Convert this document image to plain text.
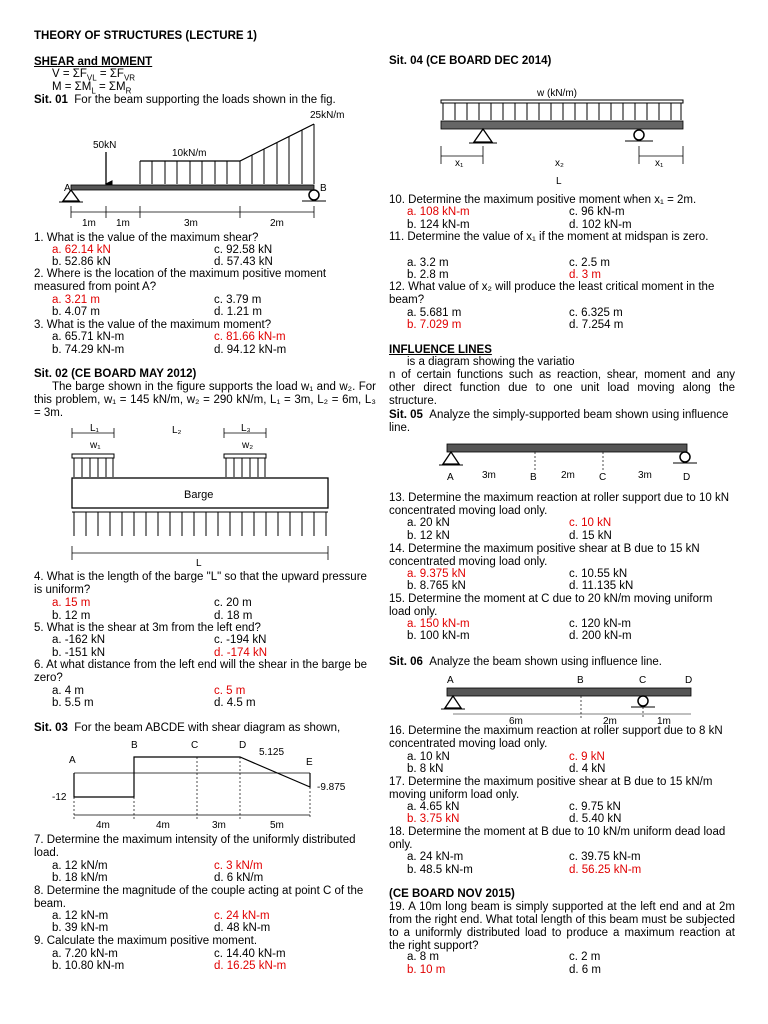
THEORY OF STRUCTURES (LECTURE 1)
SHEAR and MOMENT
$V = \Sigma F_{VL} = \Sigma F_{VR}$
$M = \Sigma M_L = \Sigma M_R$
Sit. 01 For the beam supporting the loads shown in the fig.
25kN/m
50kN
10kN/m
A	B
1m 1m	3m	2m
1. What is the value of the maximum shear?
a. 62.14 kN	c. 92.58 kN
b. 52.86 kN	d. 57.43 kN
2. Where is the location of the maximum positive moment measured from point A?
a. 3.21 m	c. 3.79 m
b. 4.07 m	d. 1.21 m
3. What is the value of the maximum moment?
a. 65.71 kN-m	c. 81.66 kN-m
b. 74.29 kN-m	d. 94.12 kN-m
Sit. 02 (CE BOARD MAY 2012)
The barge shown in the figure supports the load w₁ and w₂. For this problem, w₁ = 145 kN/m, w₂ = 290 kN/m, L₁ = 3m, L₂ = 6m, L₃ = 3m.
L₁	L₂	L₃
w₁	w₂
Barge
L
4. What is the length of the barge "L" so that the upward pressure is uniform?
a. 15 m	c. 20 m
b. 12 m	d. 18 m
5. What is the shear at 3m from the left end?
a. -162 kN	c. -194 kN
b. -151 kN	d. -174 kN
6. At what distance from the left end will the shear in the barge be zero?
a. 4 m	c. 5 m
b. 5.5 m	d. 4.5 m
Sit. 03 For the beam ABCDE with shear diagram as shown,
B	C	D
5.125
A	E
-12
-9.875
4m	4m	3m	5m
7. Determine the maximum intensity of the uniformly distributed load.
a. 12 kN/m	c. 3 kN/m
b. 18 kN/m	d. 6 kN/m
8. Determine the magnitude of the couple acting at point C of the beam.
a. 12 kN-m	c. 24 kN-m
b. 39 kN-m	d. 48 kN-m
9. Calculate the maximum positive moment.
a. 7.20 kN-m	c. 14.40 kN-m
b. 10.80 kN-m	d. 16.25 kN-m
Sit. 04 (CE BOARD DEC 2014)
w (kN/m)
x₁	x₂	x₁
L
10. Determine the maximum positive moment when x₁ = 2m.
a. 108 kN-m	c. 96 kN-m
b. 124 kN-m	d. 102 kN-m
11. Determine the value of x₁ if the moment at midspan is zero.
a. 3.2 m	c. 2.5 m
b. 2.8 m	d. 3 m
12. What value of x₂ will produce the least critical moment in the beam?
a. 5.681 m	c. 6.325 m
b. 7.029 m	d. 7.254 m
INFLUENCE LINES
is a diagram showing the variatio
n of certain functions such as reaction, shear, moment and any other direct function due to one unit load moving along the structure.
Sit. 05 Analyze the simply-supported beam shown using influence line.
A	3m	B 2m C	3m	D
13. Determine the maximum reaction at roller support due to 10 kN concentrated moving load only.
a. 20 kN	c. 10 kN
b. 12 kN	d. 15 kN
14. Determine the maximum positive shear at B due to 15 kN concentrated moving load only.
a. 9.375 kN	c. 10.55 kN
b. 8.765 kN	d. 11.135 kN
15. Determine the moment at C due to 20 kN/m moving uniform load only.
a. 150 kN-m	c. 120 kN-m
b. 100 kN-m	d. 200 kN-m
Sit. 06 Analyze the beam shown using influence line.
A	B	C	D
6m	2m	1m
16. Determine the maximum reaction at roller support due to 8 kN concentrated moving load only.
a. 10 kN	c. 9 kN
b. 8 kN	d. 4 kN
17. Determine the maximum positive shear at B due to 15 kN/m moving uniform load only.
a. 4.65 kN	c. 9.75 kN
b. 3.75 kN	d. 5.40 kN
18. Determine the moment at B due to 10 kN/m uniform dead load only.
a. 24 kN-m	c. 39.75 kN-m
b. 48.5 kN-m	d. 56.25 kN-m
(CE BOARD NOV 2015)
19. A 10m long beam is simply supported at the left end and at 2m from the right end. What total length of this beam must be subjected to a uniformly distributed load to produce a maximum reaction at the right support?
a. 8 m	c. 2 m
b. 10 m	d. 6 m
